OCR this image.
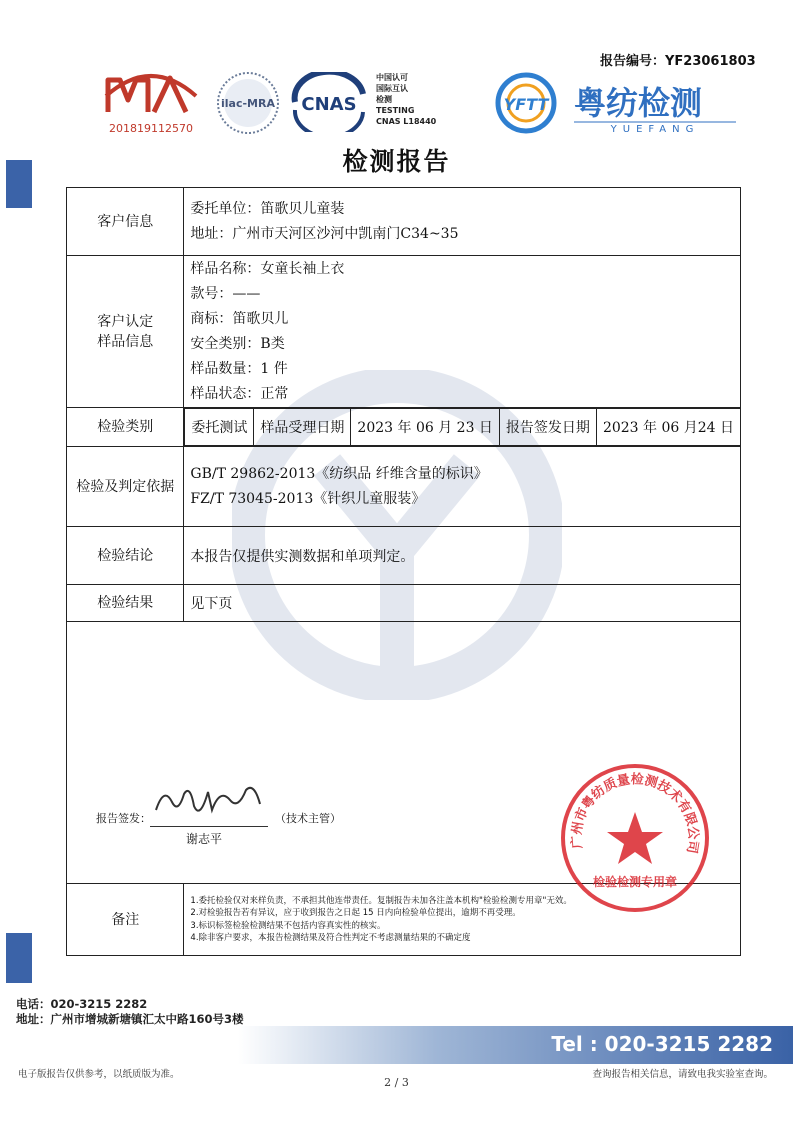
报告编号：YF23061803
201819112570
ilac-MRA CNAS
中国认可
国际互认
检测
TESTING
CNAS L18440
YFTT 粤纺检测
YUEFANG
检测报告
客户信息	
委托单位：笛歌贝儿童装
地址：广州市天河区沙河中凯南门C34~35

客户认定
样品信息

样品名称：女童长袖上衣
款号：——
商标：笛歌贝儿
安全类别：B类
样品数量：1 件
样品状态：正常

检验类别		委托测试	样品受理日期	2023 年 06 月 23 日	报告签发日期	2023 年 06 月24 日

检验及判定依据	
GB/T 29862-2013《纺织品 纤维含量的标识》
FZ/T 73045-2013《针织儿童服装》

检验结论	本报告仅提供实测数据和单项判定。
检验结果	见下页

备注	
1.委托检验仅对来样负责，不承担其他连带责任。复制报告未加各注盖本机构"检验检测专用章"无效。
2.对检验报告若有异议，应于收到报告之日起 15 日内向检验单位提出，逾期不再受理。
3.标识标签检验检测结果不包括内容真实性的核实。
4.除非客户要求，本报告检测结果及符合性判定不考虑测量结果的不确定度
报告签发：
谢志平
（技术主管）
广州市粤纺质量检测技术有限公司
检验检测专用章
电话：020-3215 2282
地址：广州市增城新塘镇汇太中路160号3楼
Tel : 020-3215 2282
电子版报告仅供参考，以纸质版为准。	查询报告相关信息，请致电我实验室查询。
2 / 3
